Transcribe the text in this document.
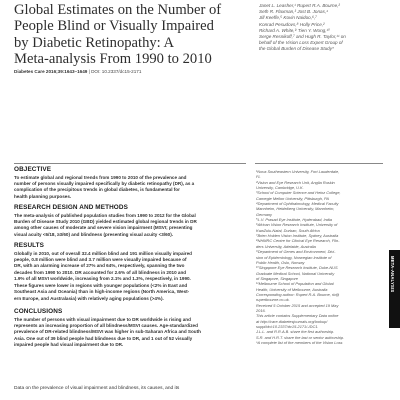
Global Estimates on the Number of
People Blind or Visually Impaired
by Diabetic Retinopathy: A
Meta-analysis From 1990 to 2010
Diabetes Care 2016;39:1643–1649 | DOI: 10.2337/dc15-2171
Janet L. Leasher,¹ Rupert R.A. Bourne,²
Seth R. Flaxman,³ Jost B. Jonas,⁴
Jill Keeffe,⁵ Kovin Naidoo,⁶,⁷
Konrad Pesudovs,⁸ Holly Price,²
Richard A. White,⁹ Tien Y. Wong,¹⁰
Serge Resnikoff,⁷ and Hugh R. Taylor,¹¹ on
behalf of the Vision Loss Expert Group of
the Global Burden of Disease Study*
OBJECTIVE
To estimate global and regional trends from 1990 to 2010 of the prevalence and
number of persons visually impaired specifically by diabetic retinopathy (DR), as a
complication of the precipitous trends in global diabetes, is fundamental for
health planning purposes.
RESEARCH DESIGN AND METHODS
The meta-analysis of published population studies from 1990 to 2012 for the Global
Burden of Disease Study 2010 (GBD) yielded estimated global regional trends in DR
among other causes of moderate and severe vision impairment (MSVI; presenting
visual acuity <6/18, ≥3/60) and blindness (presenting visual acuity <3/60).
RESULTS
Globally in 2010, out of overall 32.4 million blind and 191 million visually impaired
people, 0.8 million were blind and 3.7 million were visually impaired because of
DR, with an alarming increase of 27% and 64%, respectively, spanning the two
decades from 1990 to 2010. DR accounted for 2.6% of all blindness in 2010 and
1.9% of all MSVI worldwide, increasing from 2.1% and 1.3%, respectively, in 1990.
These figures were lower in regions with younger populations (<2% in East and
Southeast Asia and Oceania) than in high-income regions (North America, West-
ern Europe, and Australasia) with relatively aging populations (>4%).
CONCLUSIONS
The number of persons with visual impairment due to DR worldwide is rising and
represents an increasing proportion of all blindness/MSVI causes. Age-standardized
prevalence of DR-related blindness/MSVI was higher in sub-Saharan Africa and South
Asia. One out of 39 blind people had blindness due to DR, and 1 out of 52 visually
impaired people had visual impairment due to DR.
¹Nova Southeastern University, Fort Lauderdale,
FL
²Vision and Eye Research Unit, Anglia Ruskin
University, Cambridge, U.K.
³School of Computer Science and Heinz College,
Carnegie Mellon University, Pittsburgh, PA
⁴Department of Ophthalmology, Medical Faculty
Mannheim, Heidelberg University, Mannheim,
Germany
⁵L.V. Prasad Eye Institute, Hyderabad, India
⁶African Vision Research Institute, University of
KwaZulu-Natal, Durban, South Africa
⁷Brien Holden Vision Institute, Sydney, Australia
⁸NHMRC Centre for Clinical Eye Research, Flin-
ders University, Adelaide, Australia
⁹Department of Genes and Environment, Divi-
sion of Epidemiology, Norwegian Institute of
Public Health, Oslo, Norway
¹⁰Singapore Eye Research Institute, Duke-NUS
Graduate Medical School, National University
of Singapore, Singapore
¹¹Melbourne School of Population and Global
Health, University of Melbourne, Australia
Corresponding author: Rupert R.A. Bourne, rb@
rupertbourne.co.uk.
Received 5 October 2015 and accepted 19 May
2016.
This article contains Supplementary Data online
at http://care.diabetesjournals.org/lookup/
suppl/doi:10.2337/dc15-2171/-/DC1.
J.L.L. and R.R.A.B. share the first authorship.
S.R. and H.R.T. share the last or senior authorship.
*A complete list of the members of the Vision Loss
Data on the prevalence of visual impairment and blindness, its causes, and its
META-ANALYSIS
